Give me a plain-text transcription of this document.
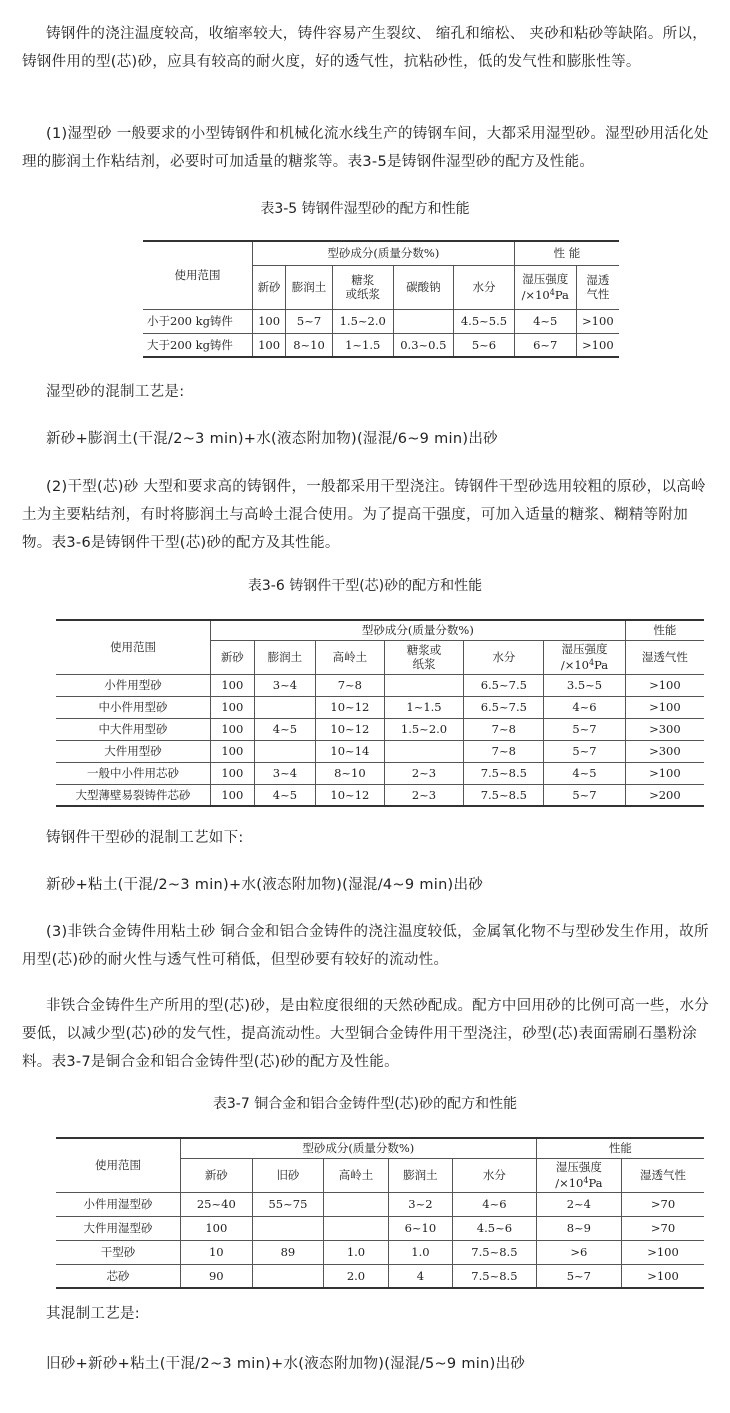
铸钢件的浇注温度较高，收缩率较大，铸件容易产生裂纹、 缩孔和缩松、 夹砂和粘砂等缺陷。所以，铸钢件用的型(芯)砂，应具有较高的耐火度，好的透气性，抗粘砂性，低的发气性和膨胀性等。

(1)湿型砂 一般要求的小型铸钢件和机械化流水线生产的铸钢车间，大都采用湿型砂。湿型砂用活化处理的膨润土作粘结剂，必要时可加适量的糖浆等。表3-5是铸钢件湿型砂的配方及性能。

表3-5 铸钢件湿型砂的配方和性能

使用范围	型砂成分(质量分数%)					性 能	
	新砂	膨润土	糖浆
或纸浆	碳酸钠	水分	湿压强度
$/\times 10^4Pa$	湿透
气性
小于200 kg铸件	100	5~7	1.5~2.0		4.5~5.5	4~5	>100
大于200 kg铸件	100	8~10	1~1.5	0.3~0.5	5~6	6~7	>100

湿型砂的混制工艺是:

新砂+膨润土(干混/2~3 min)+水(液态附加物)(湿混/6~9 min)出砂

(2)干型(芯)砂 大型和要求高的铸钢件，一般都采用干型浇注。铸钢件干型砂选用较粗的原砂，以高岭土为主要粘结剂，有时将膨润土与高岭土混合使用。为了提高干强度，可加入适量的糖浆、糊精等附加物。表3-6是铸钢件干型(芯)砂的配方及其性能。

表3-6 铸钢件干型(芯)砂的配方和性能

使用范围	型砂成分(质量分数%)						性能
	新砂	膨润土	高岭土	糖浆或
纸浆	水分	湿压强度
$/\times 10^4Pa$	湿透气性
小件用型砂	100	3~4	7~8		6.5~7.5	3.5~5	>100
中小件用型砂	100		10~12	1~1.5	6.5~7.5	4~6	>100
中大件用型砂	100	4~5	10~12	1.5~2.0	7~8	5~7	>300
大件用型砂	100		10~14		7~8	5~7	>300
一般中小件用芯砂	100	3~4	8~10	2~3	7.5~8.5	4~5	>100
大型薄壁易裂铸件芯砂	100	4~5	10~12	2~3	7.5~8.5	5~7	>200

铸钢件干型砂的混制工艺如下:

新砂+粘土(干混/2~3 min)+水(液态附加物)(湿混/4~9 min)出砂

(3)非铁合金铸件用粘土砂 铜合金和铝合金铸件的浇注温度较低，金属氧化物不与型砂发生作用，故所用型(芯)砂的耐火性与透气性可稍低，但型砂要有较好的流动性。

非铁合金铸件生产所用的型(芯)砂，是由粒度很细的天然砂配成。配方中回用砂的比例可高一些，水分要低，以减少型(芯)砂的发气性，提高流动性。大型铜合金铸件用干型浇注，砂型(芯)表面需刷石墨粉涂料。表3-7是铜合金和铝合金铸件型(芯)砂的配方及性能。

表3-7 铜合金和铝合金铸件型(芯)砂的配方和性能

使用范围	型砂成分(质量分数%)					性能	
	新砂	旧砂	高岭土	膨润土	水分	湿压强度
$/\times 10^4Pa$	湿透气性
小件用湿型砂	25~40	55~75		3~2	4~6	2~4	>70
大件用湿型砂	100			6~10	4.5~6	8~9	>70
干型砂	10	89	1.0	1.0	7.5~8.5	>6	>100
芯砂	90		2.0	4	7.5~8.5	5~7	>100

其混制工艺是:

旧砂+新砂+粘土(干混/2~3 min)+水(液态附加物)(湿混/5~9 min)出砂
